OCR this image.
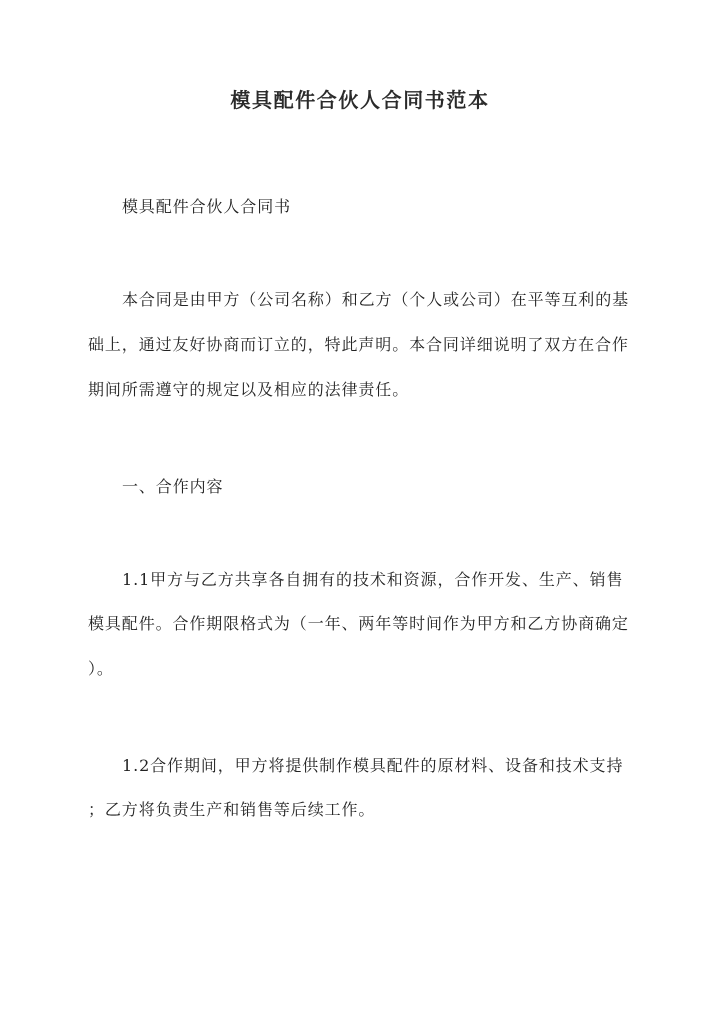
模具配件合伙人合同书范本
模具配件合伙人合同书
本合同是由甲方（公司名称）和乙方（个人或公司）在平等互利的基
础上，通过友好协商而订立的，特此声明。本合同详细说明了双方在合作
期间所需遵守的规定以及相应的法律责任。
一、合作内容
1.1甲方与乙方共享各自拥有的技术和资源，合作开发、生产、销售
模具配件。合作期限格式为（一年、两年等时间作为甲方和乙方协商确定
）。
1.2合作期间，甲方将提供制作模具配件的原材料、设备和技术支持
；乙方将负责生产和销售等后续工作。
